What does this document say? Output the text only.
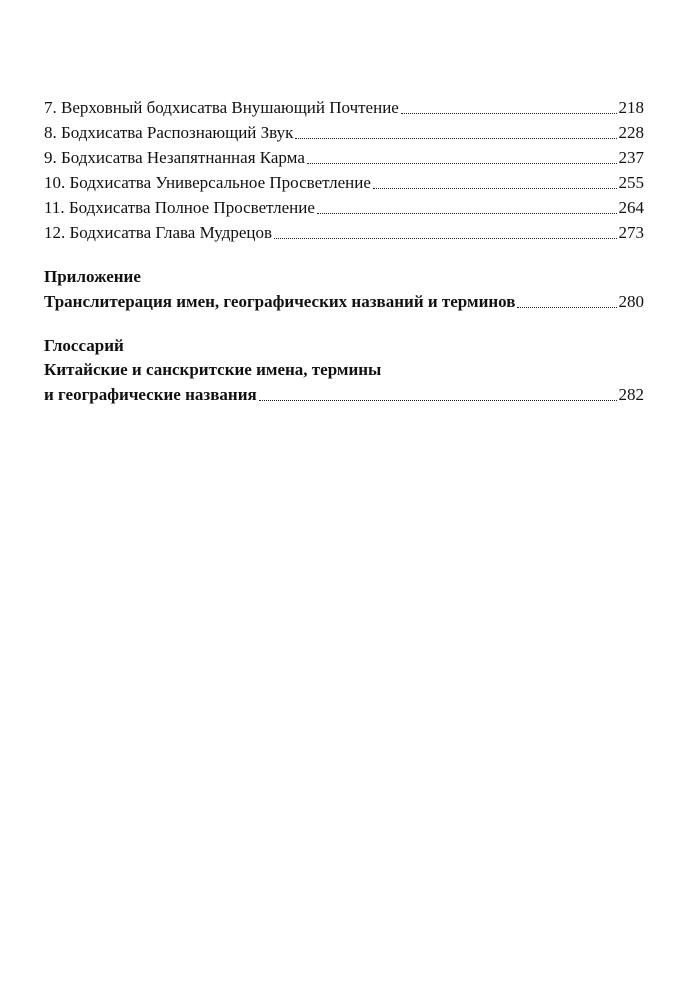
7. Верховный бодхисатва Внушающий Почтение	218
8. Бодхисатва Распознающий Звук	228
9. Бодхисатва Незапятнанная Карма	237
10. Бодхисатва Универсальное Просветление	255
11. Бодхисатва Полное Просветление	264
12. Бодхисатва Глава Мудрецов	273
Приложение
Транслитерация имен, географических названий и терминов	280
Глоссарий
Китайские и санскритские имена, термины
и географические названия	282
